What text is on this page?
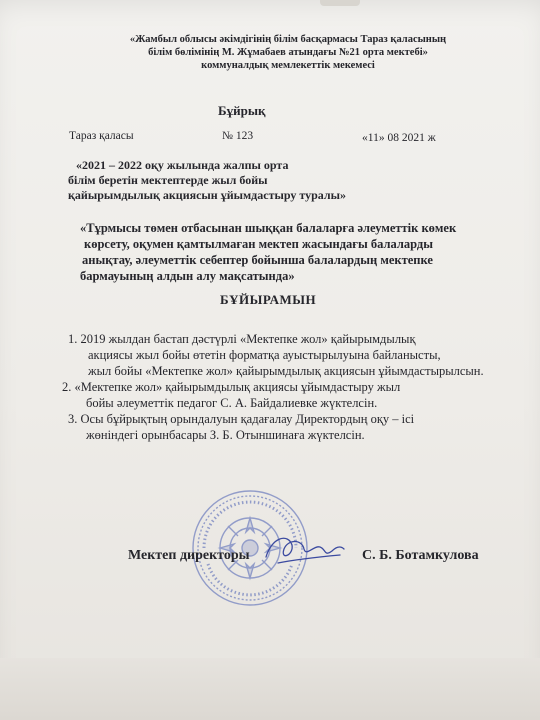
«Жамбыл облысы әкімдігінің білім басқармасы Тараз қаласының
білім бөлімінің М. Жұмабаев атындағы №21 орта мектебі»
коммуналдық мемлекеттік мекемесі
Бұйрық
Тараз қаласы	№ 123	«11» 08 2021 ж
«2021 – 2022 оқу жылында жалпы орта
білім беретін мектептерде жыл бойы
қайырымдылық акциясын ұйымдастыру туралы»
«Тұрмысы төмен отбасынан шыққан балаларға әлеуметтік көмек
көрсету, оқумен қамтылмаған мектеп жасындағы балаларды
анықтау, әлеуметтік себептер бойынша балалардың мектепке
бармауының алдын алу мақсатында»
БҰЙЫРАМЫН
1. 2019 жылдан бастап дәстүрлі «Мектепке жол» қайырымдылық
акциясы жыл бойы өтетін форматқа ауыстырылуына байланысты,
жыл бойы «Мектепке жол» қайырымдылық акциясын ұйымдастырылсын.
2. «Мектепке жол» қайырымдылық акциясы ұйымдастыру жыл
бойы әлеуметтік педагог С. А. Байдалиевке жүктелсін.
3. Осы бұйрықтың орындалуын қадағалау Директордың оқу – ісі
жөніндегі орынбасары З. Б. Отыншинаға жүктелсін.
Мектеп директоры	С. Б. Ботамкулова
